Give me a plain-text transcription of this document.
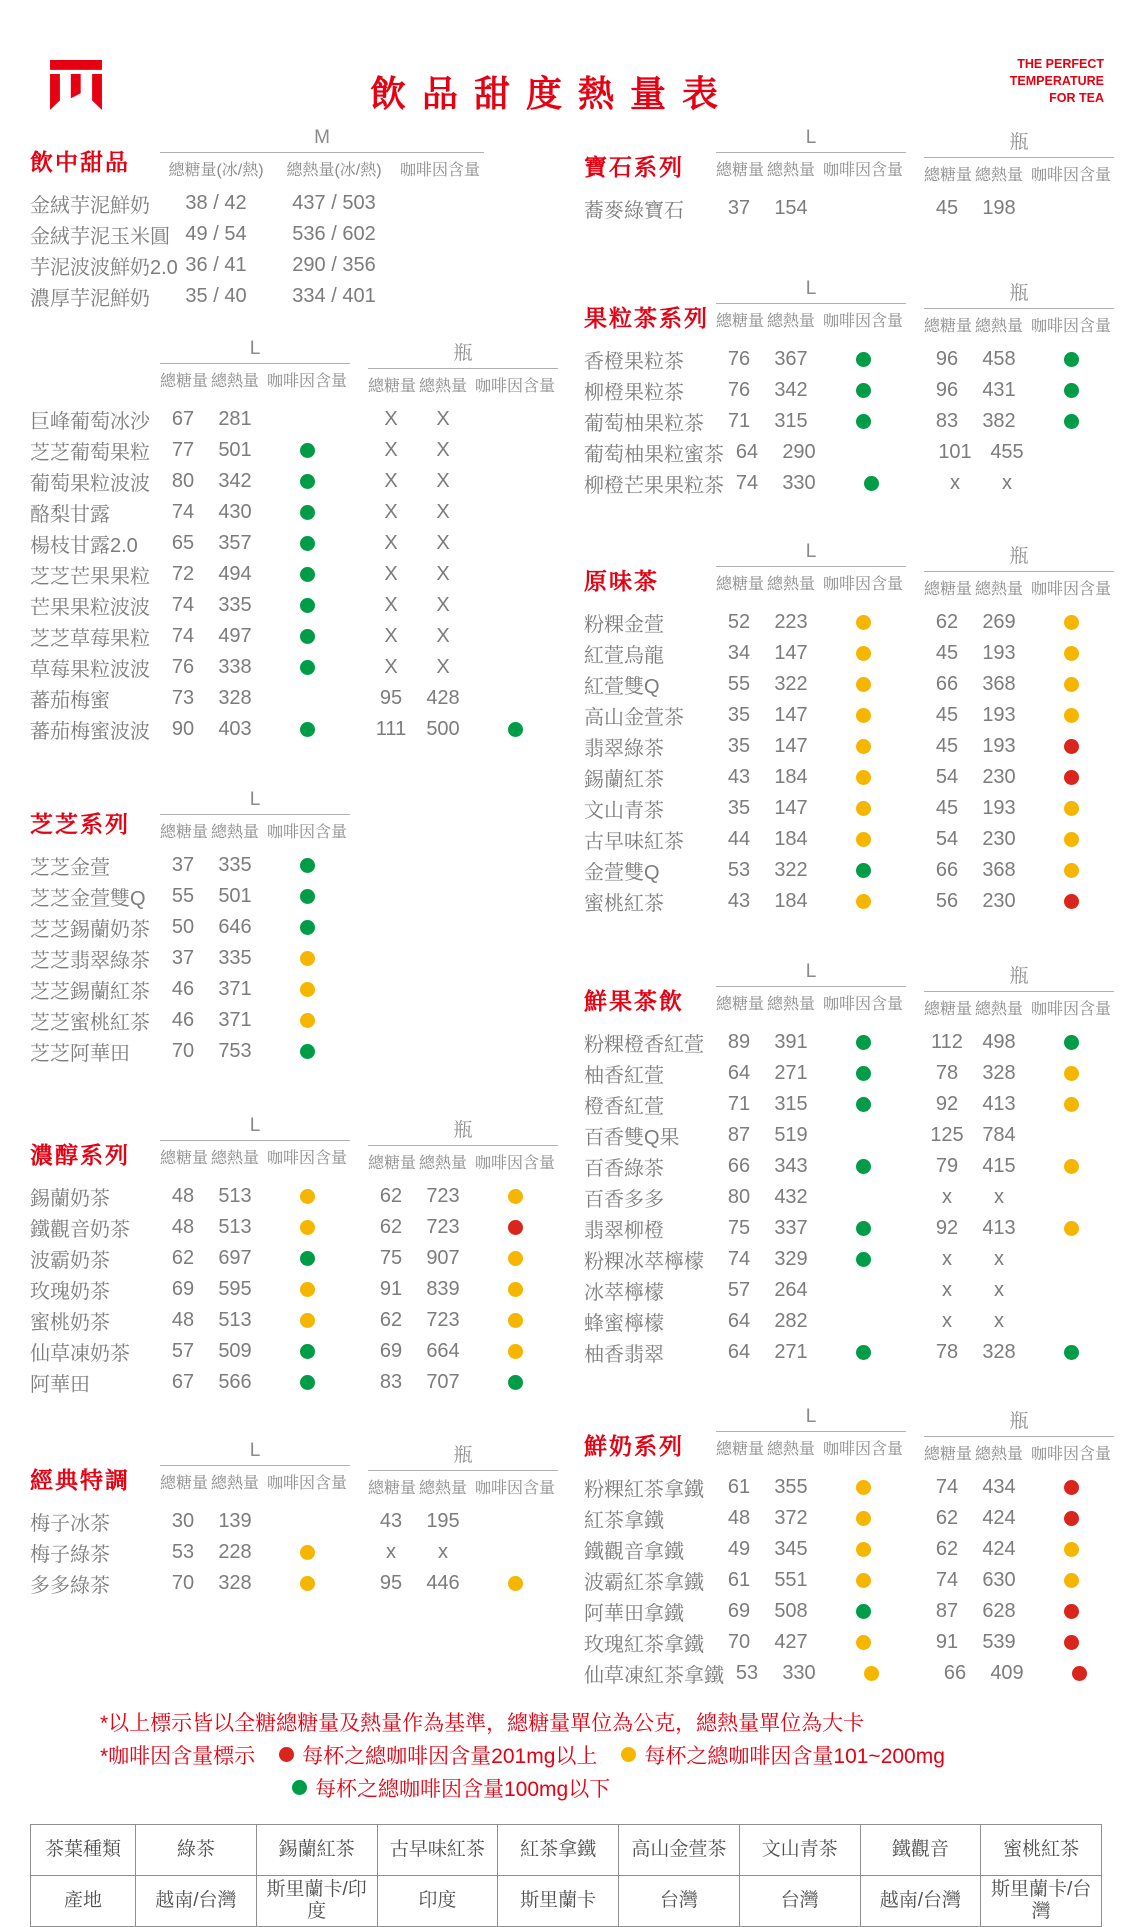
飲品甜度熱量表
THE PERFECT
TEMPERATURE
FOR TEA
飲中甜品
M
總糖量(冰/熱)	總熱量(冰/熱)	咖啡因含量
金絨芋泥鮮奶	38 / 42	437 / 503
金絨芋泥玉米圓 49 / 54	536 / 602
芋泥波波鮮奶2.0 36 / 41	290 / 356
濃厚芋泥鮮奶	35 / 40	334 / 401
L
總糖量 總熱量 咖啡因含量
瓶
總糖量 總熱量 咖啡因含量
巨峰葡萄冰沙	67	281	X	X
芝芝葡萄果粒	77	501	X	X
葡萄果粒波波	80	342	X	X
酪梨甘露	74	430	X	X
楊枝甘露2.0	65	357	X	X
芝芝芒果果粒	72	494	X	X
芒果果粒波波	74	335	X	X
芝芝草莓果粒	74	497	X	X
草莓果粒波波	76	338	X	X
蕃茄梅蜜	73	328	95	428
蕃茄梅蜜波波	90	403	111	500
芝芝系列
L
總糖量 總熱量 咖啡因含量
芝芝金萱	37	335
芝芝金萱雙Q	55	501
芝芝錫蘭奶茶	50	646
芝芝翡翠綠茶	37	335
芝芝錫蘭紅茶	46	371
芝芝蜜桃紅茶	46	371
芝芝阿華田	70	753
濃醇系列
L
總糖量 總熱量 咖啡因含量
瓶
總糖量 總熱量 咖啡因含量
錫蘭奶茶	48	513	62	723
鐵觀音奶茶	48	513	62	723
波霸奶茶	62	697	75	907
玫瑰奶茶	69	595	91	839
蜜桃奶茶	48	513	62	723
仙草凍奶茶	57	509	69	664
阿華田	67	566	83	707
經典特調
L
總糖量 總熱量 咖啡因含量
瓶
總糖量 總熱量 咖啡因含量
梅子冰茶	30	139	43	195
梅子綠茶	53	228	x	x
多多綠茶	70	328	95	446
寶石系列
L
總糖量 總熱量 咖啡因含量
瓶
總糖量 總熱量 咖啡因含量
蕎麥綠寶石	37	154	45	198
果粒茶系列
L
總糖量 總熱量 咖啡因含量
瓶
總糖量 總熱量 咖啡因含量
香橙果粒茶	76	367	96	458
柳橙果粒茶	76	342	96	431
葡萄柚果粒茶	71	315	83	382
葡萄柚果粒蜜茶 64	290	101 455
柳橙芒果果粒茶 74	330	x	x
原味茶
L
總糖量 總熱量 咖啡因含量
瓶
總糖量 總熱量 咖啡因含量
粉粿金萱	52	223	62	269
紅萱烏龍	34	147	45	193
紅萱雙Q	55	322	66	368
高山金萱茶	35	147	45	193
翡翠綠茶	35	147	45	193
錫蘭紅茶	43	184	54	230
文山青茶	35	147	45	193
古早味紅茶	44	184	54	230
金萱雙Q	53	322	66	368
蜜桃紅茶	43	184	56	230
鮮果茶飲
L
總糖量 總熱量 咖啡因含量
瓶
總糖量 總熱量 咖啡因含量
粉粿橙香紅萱	89	391	112 498
柚香紅萱	64	271	78	328
橙香紅萱	71	315	92	413
百香雙Q果	87	519	125 784
百香綠茶	66	343	79	415
百香多多	80	432	x	x
翡翠柳橙	75	337	92	413
粉粿冰萃檸檬	74	329	x	x
冰萃檸檬	57	264	x	x
蜂蜜檸檬	64	282	x	x
柚香翡翠	64	271	78	328
鮮奶系列
L
總糖量 總熱量 咖啡因含量
瓶
總糖量 總熱量 咖啡因含量
粉粿紅茶拿鐵	61	355	74	434
紅茶拿鐵	48	372	62	424
鐵觀音拿鐵	49	345	62	424
波霸紅茶拿鐵	61	551	74	630
阿華田拿鐵	69	508	87	628
玫瑰紅茶拿鐵	70	427	91	539
仙草凍紅茶拿鐵 53	330	66	409
*以上標示皆以全糖總糖量及熱量作為基準，總糖量單位為公克，總熱量單位為大卡
*咖啡因含量標示 每杯之總咖啡因含量201mg以上 每杯之總咖啡因含量101~200mg
每杯之總咖啡因含量100mg以下
茶葉種類	綠茶	錫蘭紅茶	古早味紅茶	紅茶拿鐵	高山金萱茶	文山青茶	鐵觀音	蜜桃紅茶
產地	越南/台灣	斯里蘭卡/印度	印度	斯里蘭卡	台灣	台灣	越南/台灣	斯里蘭卡/台灣
